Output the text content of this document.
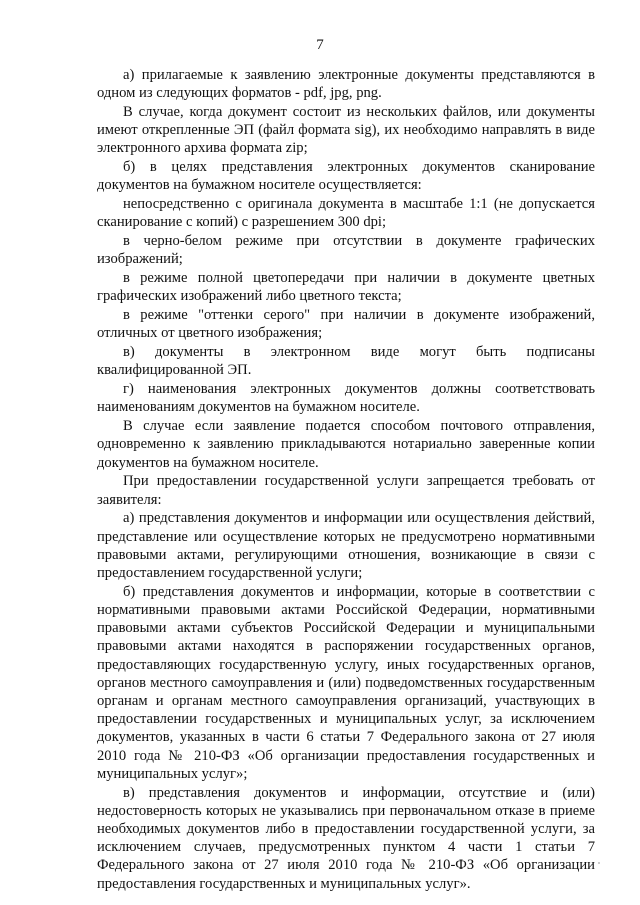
7

а) прилагаемые к заявлению электронные документы представляются в одном из следующих форматов - pdf, jpg, png.

В случае, когда документ состоит из нескольких файлов, или документы имеют открепленные ЭП (файл формата sig), их необходимо направлять в виде электронного архива формата zip;

б) в целях представления электронных документов сканирование документов на бумажном носителе осуществляется:

непосредственно с оригинала документа в масштабе 1:1 (не допускается сканирование с копий) с разрешением 300 dpi;

в черно-белом режиме при отсутствии в документе графических изображений;

в режиме полной цветопередачи при наличии в документе цветных графических изображений либо цветного текста;

в режиме "оттенки серого" при наличии в документе изображений, отличных от цветного изображения;

в) документы в электронном виде могут быть подписаны квалифицированной ЭП.

г) наименования электронных документов должны соответствовать наименованиям документов на бумажном носителе.

В случае если заявление подается способом почтового отправления, одновременно к заявлению прикладываются нотариально заверенные копии документов на бумажном носителе.

При предоставлении государственной услуги запрещается требовать от заявителя:

а) представления документов и информации или осуществления действий, представление или осуществление которых не предусмотрено нормативными правовыми актами, регулирующими отношения, возникающие в связи с предоставлением государственной услуги;

б) представления документов и информации, которые в соответствии с нормативными правовыми актами Российской Федерации, нормативными правовыми актами субъектов Российской Федерации и муниципальными правовыми актами находятся в распоряжении государственных органов, предоставляющих государственную услугу, иных государственных органов, органов местного самоуправления и (или) подведомственных государственным органам и органам местного самоуправления организаций, участвующих в предоставлении государственных и муниципальных услуг, за исключением документов, указанных в части 6 статьи 7 Федерального закона от 27 июля 2010 года № 210-ФЗ «Об организации предоставления государственных и муниципальных услуг»;

в) представления документов и информации, отсутствие и (или) недостоверность которых не указывались при первоначальном отказе в приеме необходимых документов либо в предоставлении государственной услуги, за исключением случаев, предусмотренных пунктом 4 части 1 статьи 7 Федерального закона от 27 июля 2010 года № 210-ФЗ «Об организации предоставления государственных и муниципальных услуг».
